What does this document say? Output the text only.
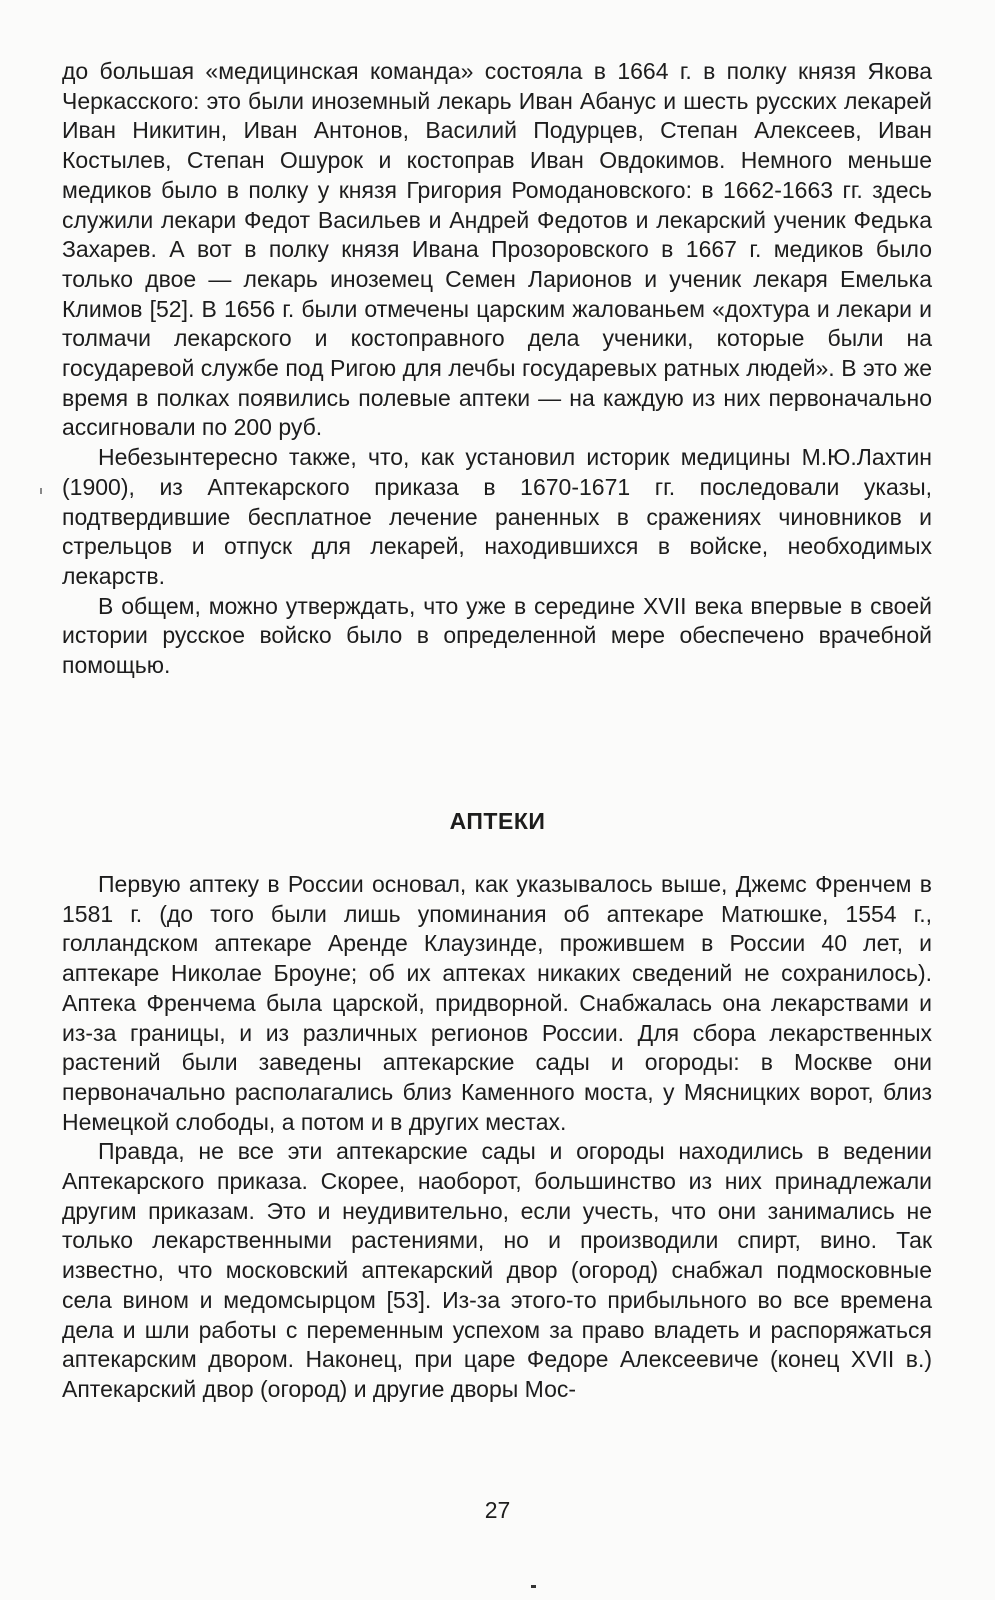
до большая «медицинская команда» состояла в 1664 г. в полку князя Якова Черкасского: это были иноземный лекарь Иван Абанус и шесть русских лекарей Иван Никитин, Иван Антонов, Василий Подурцев, Степан Алексеев, Иван Костылев, Степан Ошурок и костоправ Иван Овдокимов. Немного меньше медиков было в полку у князя Григория Ромодановского: в 1662-1663 гг. здесь служили лекари Федот Васильев и Андрей Федотов и лекарский ученик Федька Захарев. А вот в полку князя Ивана Прозоровского в 1667 г. медиков было только двое — лекарь иноземец Семен Ларионов и ученик лекаря Емелька Климов [52]. В 1656 г. были отмечены царским жалованьем «дохтура и лекари и толмачи лекарского и костоправного дела ученики, которые были на государевой службе под Ригою для лечбы государевых ратных людей». В это же время в полках появились полевые аптеки — на каждую из них первоначально ассигновали по 200 руб.

Небезынтересно также, что, как установил историк медицины М.Ю.Лахтин (1900), из Аптекарского приказа в 1670-1671 гг. последовали указы, подтвердившие бесплатное лечение раненных в сражениях чиновников и стрельцов и отпуск для лекарей, находившихся в войске, необходимых лекарств.

В общем, можно утверждать, что уже в середине XVII века впервые в своей истории русское войско было в определенной мере обеспечено врачебной помощью.

АПТЕКИ

Первую аптеку в России основал, как указывалось выше, Джемс Френчем в 1581 г. (до того были лишь упоминания об аптекаре Матюшке, 1554 г., голландском аптекаре Аренде Клаузинде, прожившем в России 40 лет, и аптекаре Николае Броуне; об их аптеках никаких сведений не сохранилось). Аптека Френчема была царской, придворной. Снабжалась она лекарствами и из-за границы, и из различных регионов России. Для сбора лекарственных растений были заведены аптекарские сады и огороды: в Москве они первоначально располагались близ Каменного моста, у Мясницких ворот, близ Немецкой слободы, а потом и в других местах.

Правда, не все эти аптекарские сады и огороды находились в ведении Аптекарского приказа. Скорее, наоборот, большинство из них принадлежали другим приказам. Это и неудивительно, если учесть, что они занимались не только лекарственными растениями, но и производили спирт, вино. Так известно, что московский аптекарский двор (огород) снабжал подмосковные села вином и медомсырцом [53]. Из-за этого-то прибыльного во все времена дела и шли работы с переменным успехом за право владеть и распоряжаться аптекарским двором. Наконец, при царе Федоре Алексеевиче (конец XVII в.) Аптекарский двор (огород) и другие дворы Мос-

27
